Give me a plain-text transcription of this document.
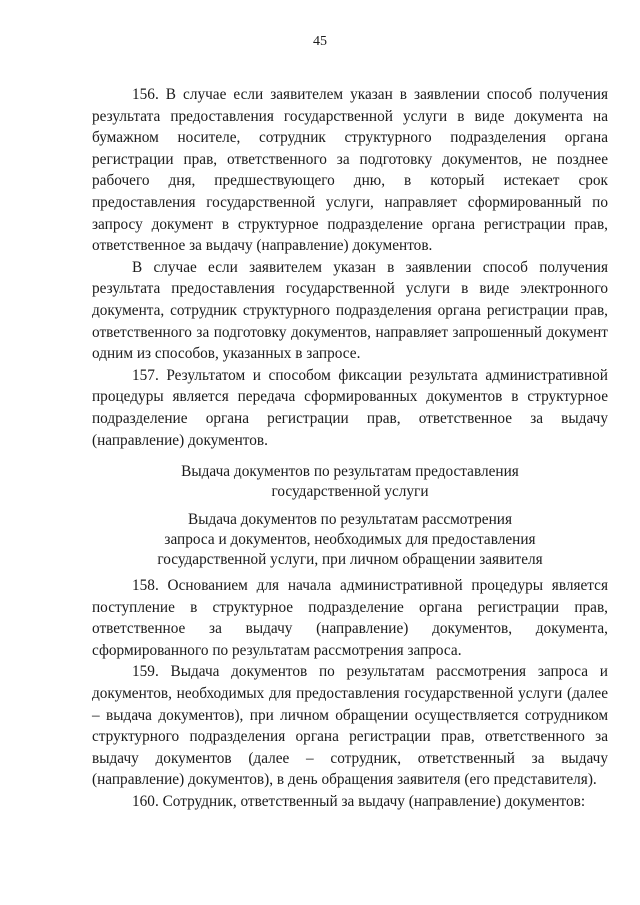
45

156. В случае если заявителем указан в заявлении способ получения результата предоставления государственной услуги в виде документа на бумажном носителе, сотрудник структурного подразделения органа регистрации прав, ответственного за подготовку документов, не позднее рабочего дня, предшествующего дню, в который истекает срок предоставления государственной услуги, направляет сформированный по запросу документ в структурное подразделение органа регистрации прав, ответственное за выдачу (направление) документов.

В случае если заявителем указан в заявлении способ получения результата предоставления государственной услуги в виде электронного документа, сотрудник структурного подразделения органа регистрации прав, ответственного за подготовку документов, направляет запрошенный документ одним из способов, указанных в запросе.

157. Результатом и способом фиксации результата административной процедуры является передача сформированных документов в структурное подразделение органа регистрации прав, ответственное за выдачу (направление) документов.

Выдача документов по результатам предоставления
государственной услуги
Выдача документов по результатам рассмотрения
запроса и документов, необходимых для предоставления
государственной услуги, при личном обращении заявителя

158. Основанием для начала административной процедуры является поступление в структурное подразделение органа регистрации прав, ответственное за выдачу (направление) документов, документа, сформированного по результатам рассмотрения запроса.

159. Выдача документов по результатам рассмотрения запроса и документов, необходимых для предоставления государственной услуги (далее – выдача документов), при личном обращении осуществляется сотрудником структурного подразделения органа регистрации прав, ответственного за выдачу документов (далее – сотрудник, ответственный за выдачу (направление) документов), в день обращения заявителя (его представителя).

160. Сотрудник, ответственный за выдачу (направление) документов:
